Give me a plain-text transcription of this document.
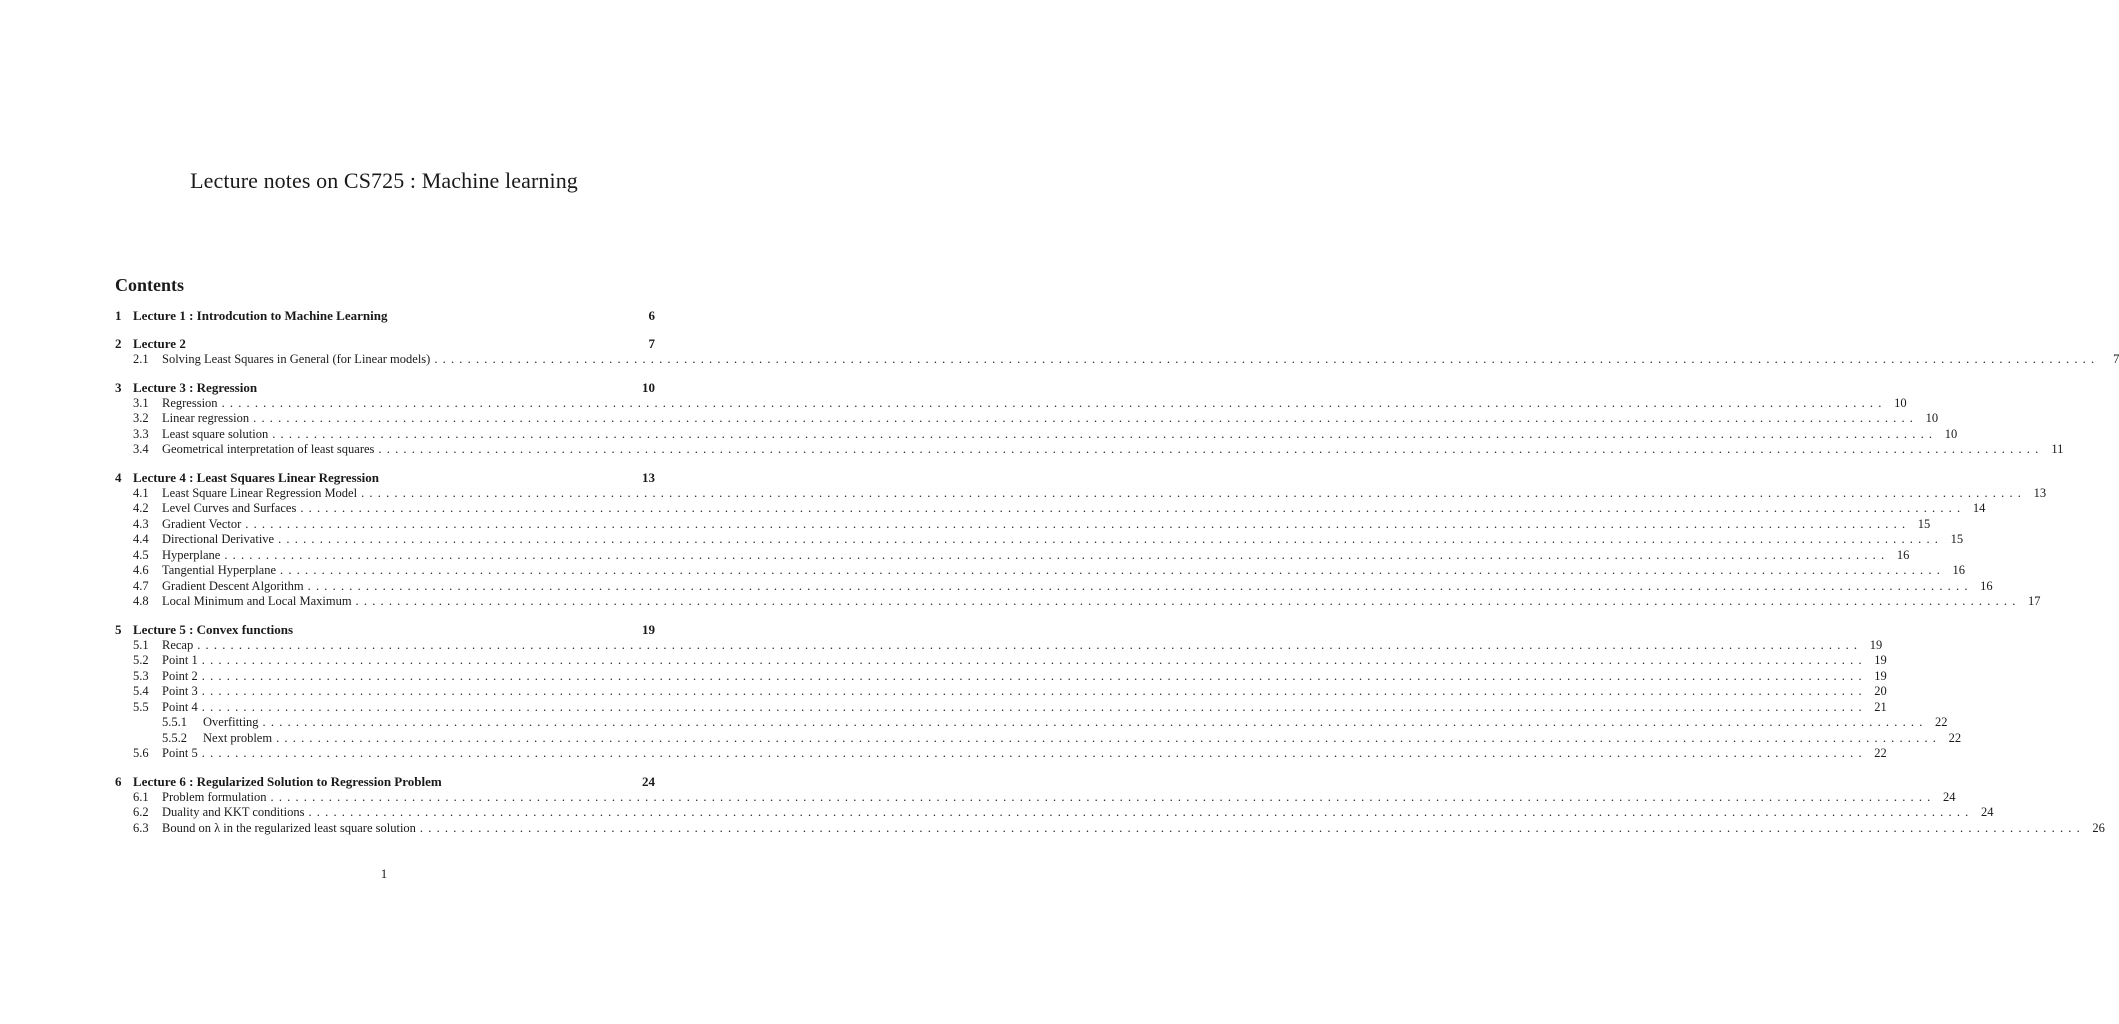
Lecture notes on CS725 : Machine learning
Contents
1 Lecture 1 : Introdcution to Machine Learning	6
2 Lecture 2	7
2.1	Solving Least Squares in General (for Linear models) ........................................................................................................................................................................................................	7
3 Lecture 3 : Regression	10
3.1	Regression ........................................................................................................................................................................................................ 10
3.2	Linear regression ........................................................................................................................................................................................................ 10
3.3	Least square solution ........................................................................................................................................................................................................ 10
3.4	Geometrical interpretation of least squares ........................................................................................................................................................................................................ 11
4 Lecture 4 : Least Squares Linear Regression	13
4.1	Least Square Linear Regression Model ........................................................................................................................................................................................................ 13
4.2	Level Curves and Surfaces ........................................................................................................................................................................................................ 14
4.3	Gradient Vector ........................................................................................................................................................................................................ 15
4.4	Directional Derivative ........................................................................................................................................................................................................ 15
4.5	Hyperplane ........................................................................................................................................................................................................ 16
4.6	Tangential Hyperplane ........................................................................................................................................................................................................ 16
4.7	Gradient Descent Algorithm ........................................................................................................................................................................................................ 16
4.8	Local Minimum and Local Maximum ........................................................................................................................................................................................................ 17
5 Lecture 5 : Convex functions	19
5.1	Recap ........................................................................................................................................................................................................ 19
5.2	Point 1 ........................................................................................................................................................................................................ 19
5.3	Point 2 ........................................................................................................................................................................................................ 19
5.4	Point 3 ........................................................................................................................................................................................................ 20
5.5	Point 4 ........................................................................................................................................................................................................ 21
5.5.1	Overfitting ........................................................................................................................................................................................................ 22
5.5.2	Next problem ........................................................................................................................................................................................................ 22
5.6	Point 5 ........................................................................................................................................................................................................ 22
6 Lecture 6 : Regularized Solution to Regression Problem	24
6.1	Problem formulation ........................................................................................................................................................................................................ 24
6.2	Duality and KKT conditions ........................................................................................................................................................................................................ 24
6.3	Bound on λ in the regularized least square solution ........................................................................................................................................................................................................ 26
1
